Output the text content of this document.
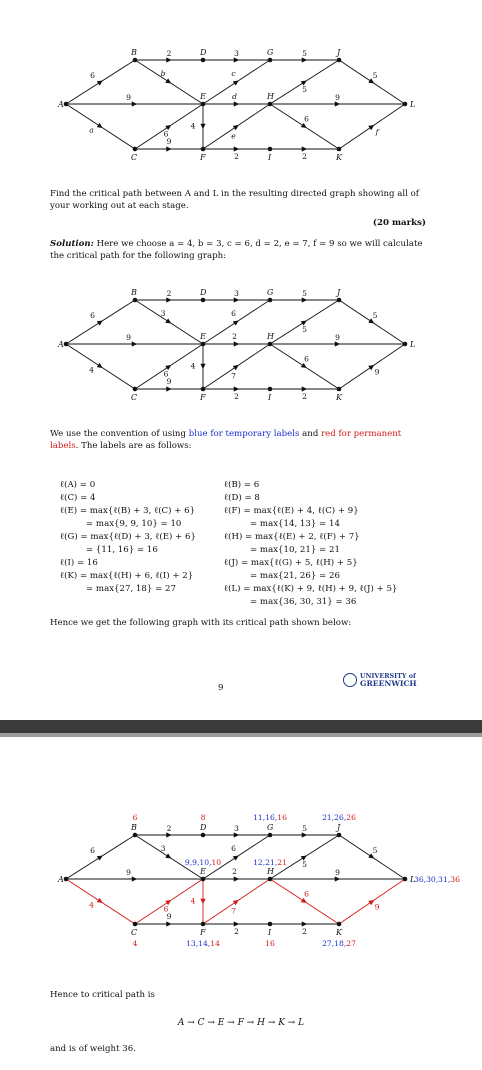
6
9
a
2
b
6
9
3
c
4
d
e
2
5
5
9
6
2
5
f
A
B
C
D
E
F
G
H
I
J
K
L
Find the critical path between A and L in the resulting directed graph showing all of your working out at each stage.
(20 marks)
Solution: Here we choose a = 4, b = 3, c = 6, d = 2, e = 7, f = 9 so we will calculate the critical path for the following graph:
6
9
4
2
3
6
9
3
6
4
2
7
2
5
5
9
6
2
5
9
A
B
C
D
E
F
G
H
I
J
K
L
We use the convention of using blue for temporary labels and red for permanent labels. The labels are as follows:
ℓ(A) = 0
ℓ(C) = 4
ℓ(E) = max{ℓ(B) + 3, ℓ(C) + 6}
= max{9, 9, 10} = 10
ℓ(G) = max{ℓ(D) + 3, ℓ(E) + 6}
= {11, 16} = 16
ℓ(I) = 16
ℓ(K) = max{ℓ(H) + 6, ℓ(I) + 2}
= max{27, 18} = 27
ℓ(B) = 6
ℓ(D) = 8
ℓ(F) = max{ℓ(E) + 4, ℓ(C) + 9}
= max{14, 13} = 14
ℓ(H) = max{ℓ(E) + 2, ℓ(F) + 7}
= max{10, 21} = 21
ℓ(J) = max{ℓ(G) + 5, ℓ(H) + 5}
= max{21, 26} = 26
ℓ(L) = max{ℓ(K) + 9, ℓ(H) + 9, ℓ(J) + 5}
= max{36, 30, 31} = 36
Hence we get the following graph with its critical path shown below:
9
UNIVERSITY of
GREENWICH
6
9
4
2
3
6
9
3
6
4
2
7
2
5
5
9
6
2
5
9
A
B
C
D
E
F
G
H
I
J
K
L
6	8	11,16,16	21,26,26
9,9,10,10	12,21,21
36,30,31,36
4	13,14,14	16	27,18,27
Hence to critical path is
A → C → E → F → H → K → L
and is of weight 36.
